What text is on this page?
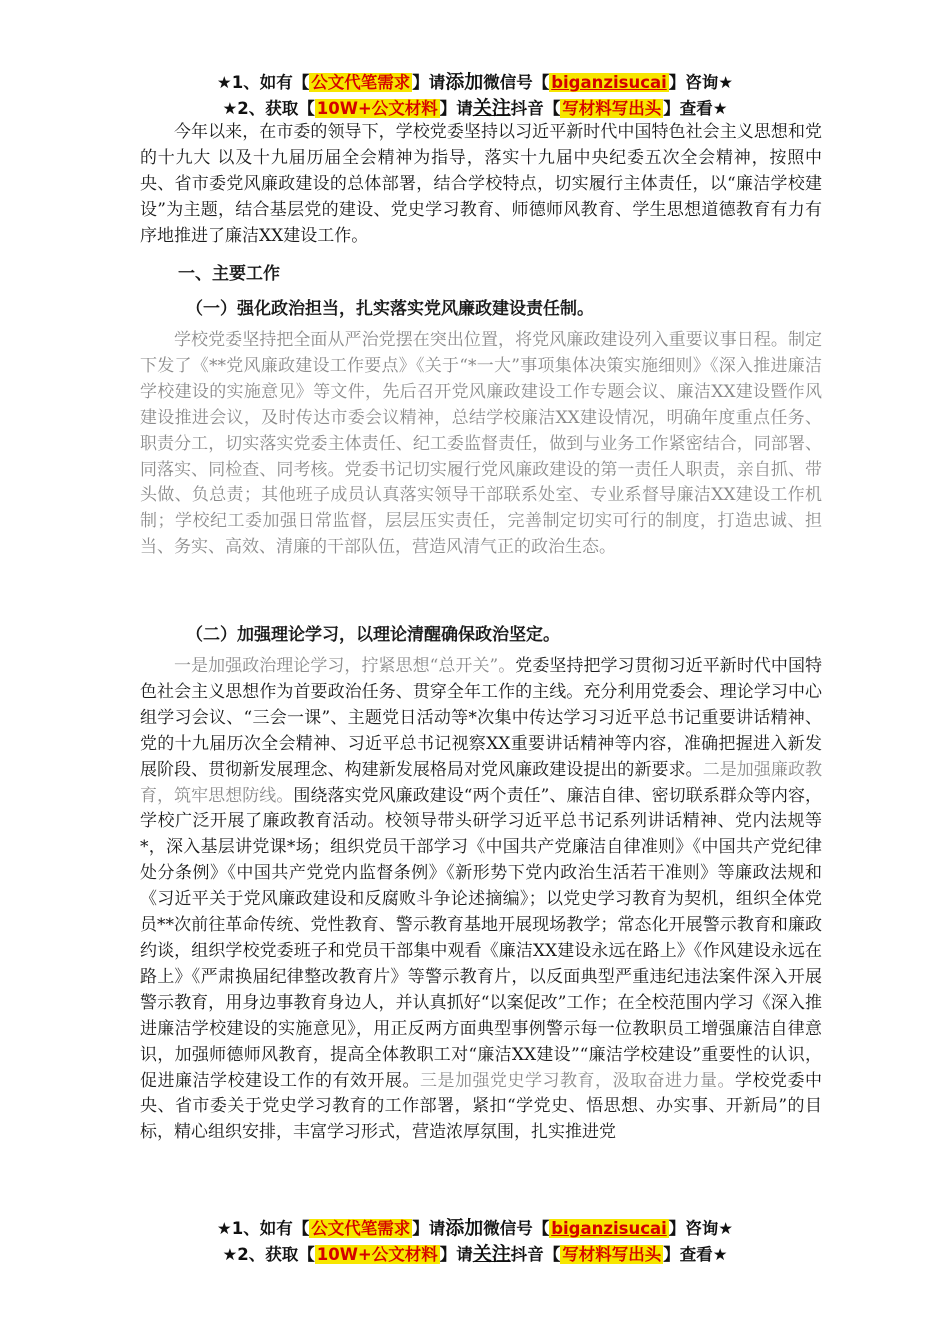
★1、如有【 公文代笔需求 】请添加微信号【 biganzisucai 】咨询★
★2、获取【 10W+公文材料 】请关注抖音【 写材料写出头 】查看★

今年以来，在市委的领导下，学校党委坚持以习近平新时代中国特色社会主义思想和党的十九大 以及十九届历届全会精神为指导，落实十九届中央纪委五次全会精神，按照中央、省市委党风廉政建设的总体部署，结合学校特点，切实履行主体责任，以“廉洁学校建设”为主题，结合基层党的建设、党史学习教育、师德师风教育、学生思想道德教育有力有序地推进了廉洁XX建设工作。

一、主要工作

（一）强化政治担当，扎实落实党风廉政建设责任制。

学校党委坚持把全面从严治党摆在突出位置，将党风廉政建设列入重要议事日程。制定下发了《**党风廉政建设工作要点》《关于“*一大”事项集体决策实施细则》《深入推进廉洁学校建设的实施意见》等文件，先后召开党风廉政建设工作专题会议、廉洁XX建设暨作风建设推进会议，及时传达市委会议精神，总结学校廉洁XX建设情况，明确年度重点任务、职责分工，切实落实党委主体责任、纪工委监督责任，做到与业务工作紧密结合，同部署、同落实、同检查、同考核。党委书记切实履行党风廉政建设的第一责任人职责，亲自抓、带头做、负总责；其他班子成员认真落实领导干部联系处室、专业系督导廉洁XX建设工作机制；学校纪工委加强日常监督，层层压实责任，完善制定切实可行的制度，打造忠诚、担当、务实、高效、清廉的干部队伍，营造风清气正的政治生态。

（二）加强理论学习，以理论清醒确保政治坚定。

一是加强政治理论学习，拧紧思想“总开关”。党委坚持把学习贯彻习近平新时代中国特色社会主义思想作为首要政治任务、贯穿全年工作的主线。充分利用党委会、理论学习中心组学习会议、“三会一课”、主题党日活动等*次集中传达学习习近平总书记重要讲话精神、党的十九届历次全会精神、习近平总书记视察XX重要讲话精神等内容，准确把握进入新发展阶段、贯彻新发展理念、构建新发展格局对党风廉政建设提出的新要求。二是加强廉政教育，筑牢思想防线。围绕落实党风廉政建设“两个责任”、廉洁自律、密切联系群众等内容，学校广泛开展了廉政教育活动。校领导带头研学习近平总书记系列讲话精神、党内法规等*，深入基层讲党课*场；组织党员干部学习《中国共产党廉洁自律准则》《中国共产党纪律处分条例》《中国共产党党内监督条例》《新形势下党内政治生活若干准则》等廉政法规和《习近平关于党风廉政建设和反腐败斗争论述摘编》；以党史学习教育为契机，组织全体党员**次前往革命传统、党性教育、警示教育基地开展现场教学；常态化开展警示教育和廉政约谈，组织学校党委班子和党员干部集中观看《廉洁XX建设永远在路上》《作风建设永远在路上》《严肃换届纪律整改教育片》等警示教育片，以反面典型严重违纪违法案件深入开展警示教育，用身边事教育身边人，并认真抓好“以案促改”工作；在全校范围内学习《深入推进廉洁学校建设的实施意见》，用正反两方面典型事例警示每一位教职员工增强廉洁自律意识，加强师德师风教育，提高全体教职工对“廉洁XX建设”“廉洁学校建设”重要性的认识，促进廉洁学校建设工作的有效开展。三是加强党史学习教育，汲取奋进力量。学校党委中央、省市委关于党史学习教育的工作部署，紧扣“学党史、悟思想、办实事、开新局”的目标，精心组织安排，丰富学习形式，营造浓厚氛围，扎实推进党

★1、如有【 公文代笔需求 】请添加微信号【 biganzisucai 】咨询★
★2、获取【 10W+公文材料 】请关注抖音【 写材料写出头 】查看★
